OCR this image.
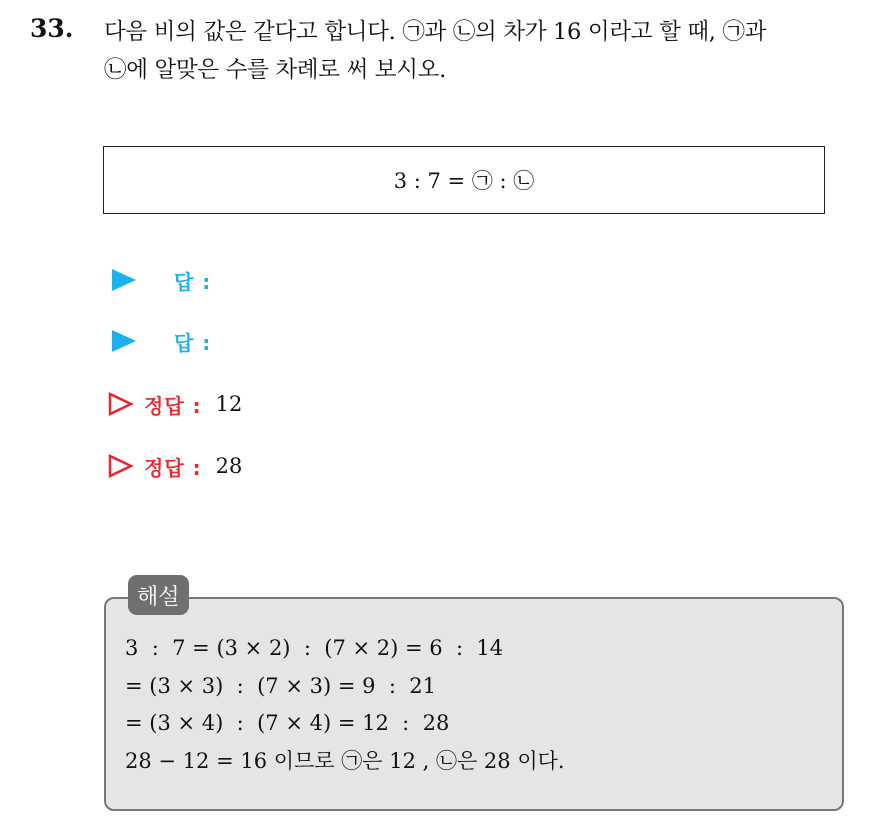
33. 다음 비의 값은 같다고 합니다. ㉠과 ㉡의 차가 16 이라고 할 때, ㉠과
㉡에 알맞은 수를 차례로 써 보시오.
3 : 7 = ㉠ : ㉡
답 :
답 :
정답 : 12
정답 : 28
해설
3  :  7 = (3 × 2)  :  (7 × 2) = 6  :  14
= (3 × 3)  :  (7 × 3) = 9  :  21
= (3 × 4)  :  (7 × 4) = 12  :  28
28 − 12 = 16 이므로 ㉠은 12 , ㉡은 28 이다.
